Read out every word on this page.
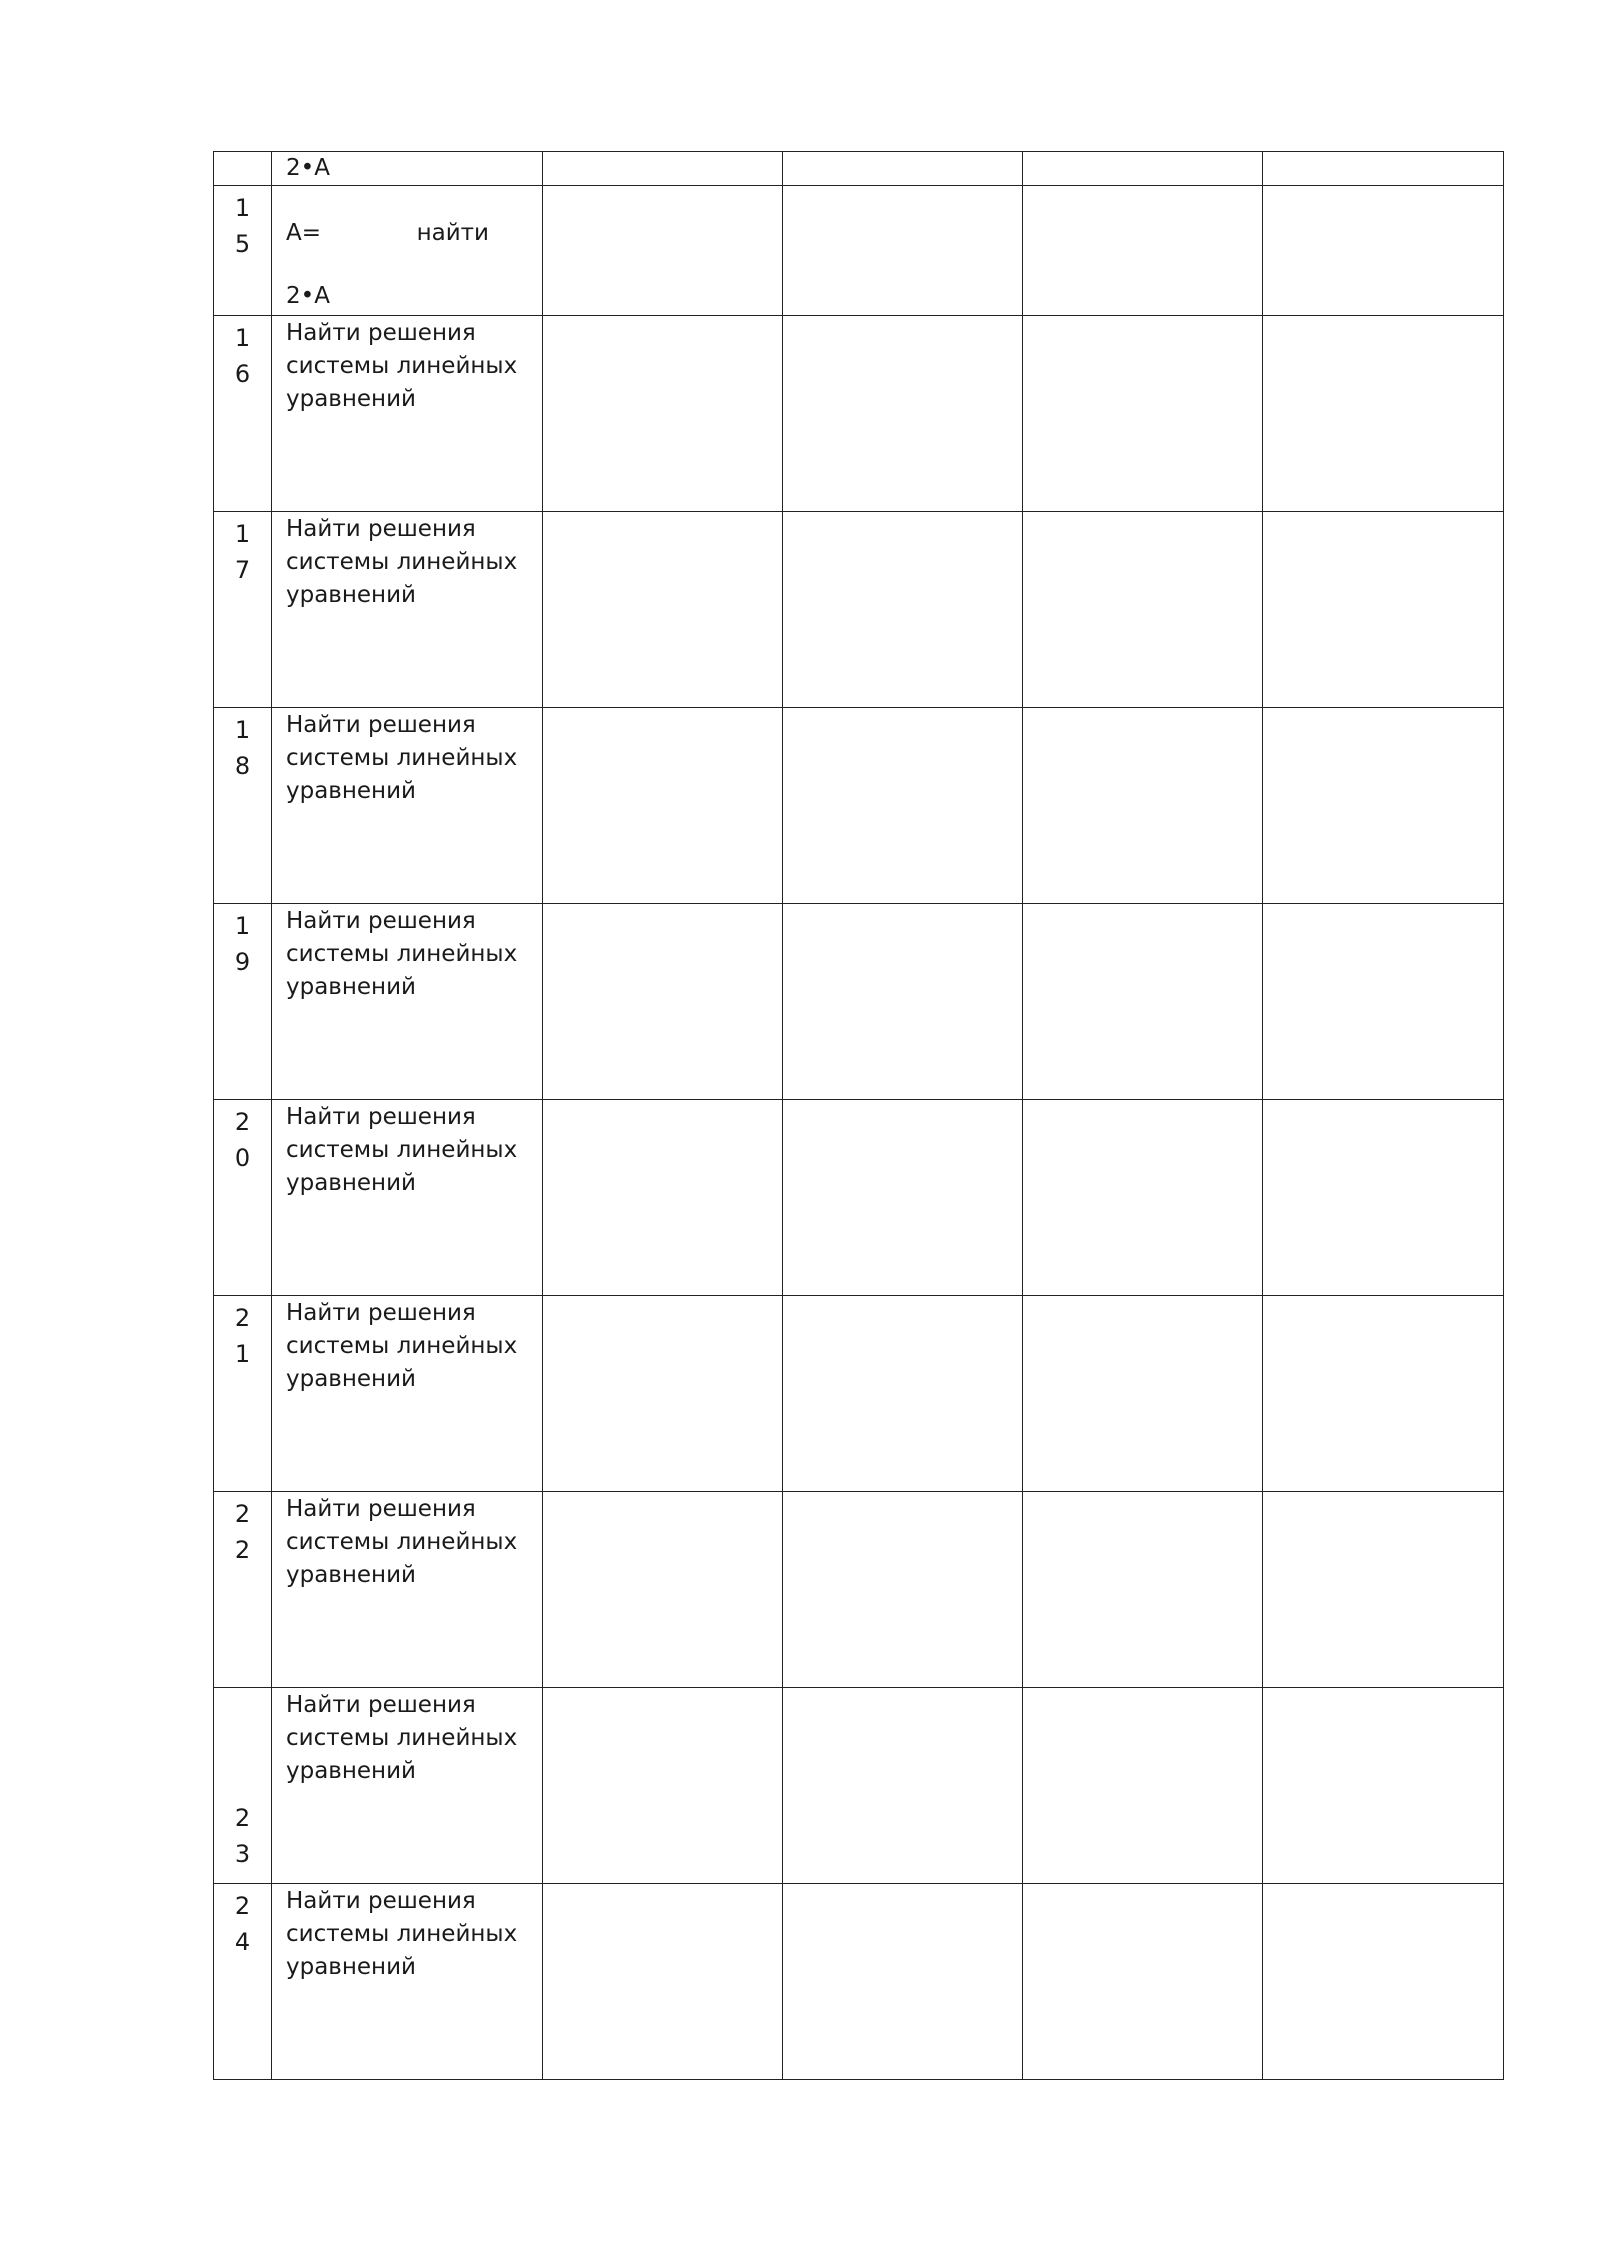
	2•A				

15	A= найти
2•A				

16	Найти решения системы линейных уравнений				

17	Найти решения системы линейных уравнений				

18	Найти решения системы линейных уравнений				

19	Найти решения системы линейных уравнений				

20	Найти решения системы линейных уравнений				

21	Найти решения системы линейных уравнений				

22	Найти решения системы линейных уравнений				

23	Найти решения системы линейных уравнений				

24	Найти решения системы линейных уравнений				
